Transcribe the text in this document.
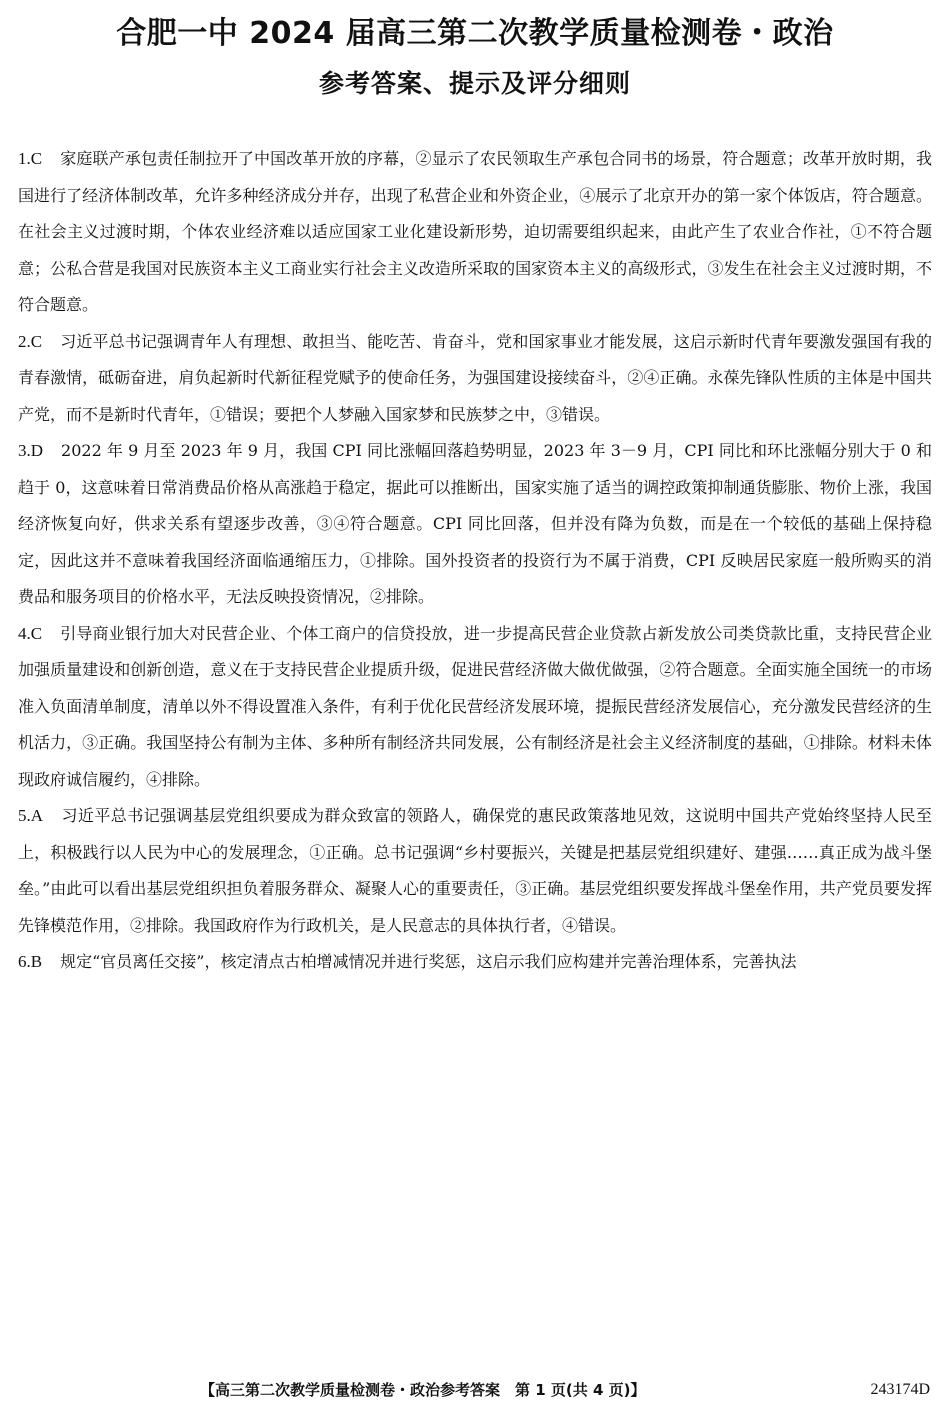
合肥一中 2024 届高三第二次教学质量检测卷・政治
参考答案、提示及评分细则

1.C 家庭联产承包责任制拉开了中国改革开放的序幕，②显示了农民领取生产承包合同书的场景，符合题意；改革开放时期，我国进行了经济体制改革，允许多种经济成分并存，出现了私营企业和外资企业，④展示了北京开办的第一家个体饭店，符合题意。在社会主义过渡时期，个体农业经济难以适应国家工业化建设新形势，迫切需要组织起来，由此产生了农业合作社，①不符合题意；公私合营是我国对民族资本主义工商业实行社会主义改造所采取的国家资本主义的高级形式，③发生在社会主义过渡时期，不符合题意。

2.C 习近平总书记强调青年人有理想、敢担当、能吃苦、肯奋斗，党和国家事业才能发展，这启示新时代青年要激发强国有我的青春激情，砥砺奋进，肩负起新时代新征程党赋予的使命任务，为强国建设接续奋斗，②④正确。永葆先锋队性质的主体是中国共产党，而不是新时代青年，①错误；要把个人梦融入国家梦和民族梦之中，③错误。

3.D 2022 年 9 月至 2023 年 9 月，我国 CPI 同比涨幅回落趋势明显，2023 年 3－9 月，CPI 同比和环比涨幅分别大于 0 和趋于 0，这意味着日常消费品价格从高涨趋于稳定，据此可以推断出，国家实施了适当的调控政策抑制通货膨胀、物价上涨，我国经济恢复向好，供求关系有望逐步改善，③④符合题意。CPI 同比回落，但并没有降为负数，而是在一个较低的基础上保持稳定，因此这并不意味着我国经济面临通缩压力，①排除。国外投资者的投资行为不属于消费，CPI 反映居民家庭一般所购买的消费品和服务项目的价格水平，无法反映投资情况，②排除。

4.C 引导商业银行加大对民营企业、个体工商户的信贷投放，进一步提高民营企业贷款占新发放公司类贷款比重，支持民营企业加强质量建设和创新创造，意义在于支持民营企业提质升级，促进民营经济做大做优做强，②符合题意。全面实施全国统一的市场准入负面清单制度，清单以外不得设置准入条件，有利于优化民营经济发展环境，提振民营经济发展信心，充分激发民营经济的生机活力，③正确。我国坚持公有制为主体、多种所有制经济共同发展，公有制经济是社会主义经济制度的基础，①排除。材料未体现政府诚信履约，④排除。

5.A 习近平总书记强调基层党组织要成为群众致富的领路人，确保党的惠民政策落地见效，这说明中国共产党始终坚持人民至上，积极践行以人民为中心的发展理念，①正确。总书记强调“乡村要振兴，关键是把基层党组织建好、建强……真正成为战斗堡垒。”由此可以看出基层党组织担负着服务群众、凝聚人心的重要责任，③正确。基层党组织要发挥战斗堡垒作用，共产党员要发挥先锋模范作用，②排除。我国政府作为行政机关，是人民意志的具体执行者，④错误。

6.B 规定“官员离任交接”，核定清点古柏增减情况并进行奖惩，这启示我们应构建并完善治理体系，完善执法

【高三第二次教学质量检测卷・政治参考答案　第 1 页(共 4 页)】	243174D
